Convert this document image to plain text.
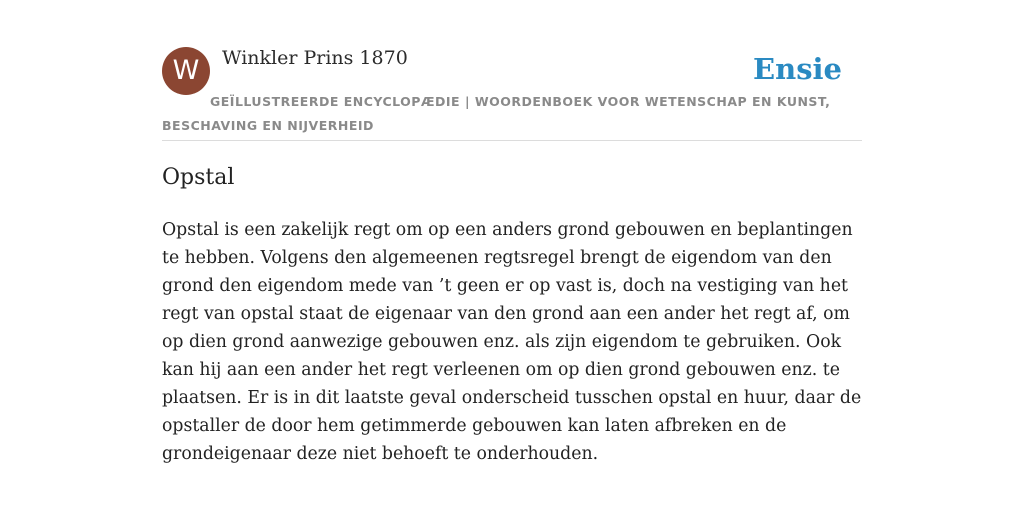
W	Winkler Prins 1870	Ensie
GEÏLLUSTREERDE ENCYCLOPÆDIE | WOORDENBOEK VOOR WETENSCHAP EN KUNST, BESCHAVING EN NIJVERHEID
Opstal

Opstal is een zakelijk regt om op een anders grond gebouwen en beplantingen te hebben. Volgens den algemeenen regtsregel brengt de eigendom van den grond den eigendom mede van ’t geen er op vast is, doch na vestiging van het regt van opstal staat de eigenaar van den grond aan een ander het regt af, om op dien grond aanwezige gebouwen enz. als zijn eigendom te gebruiken. Ook kan hij aan een ander het regt verleenen om op dien grond gebouwen enz. te plaatsen. Er is in dit laatste geval onderscheid tusschen opstal en huur, daar de opstaller de door hem getimmerde gebouwen kan laten afbreken en de grondeigenaar deze niet behoeft te onderhouden.
